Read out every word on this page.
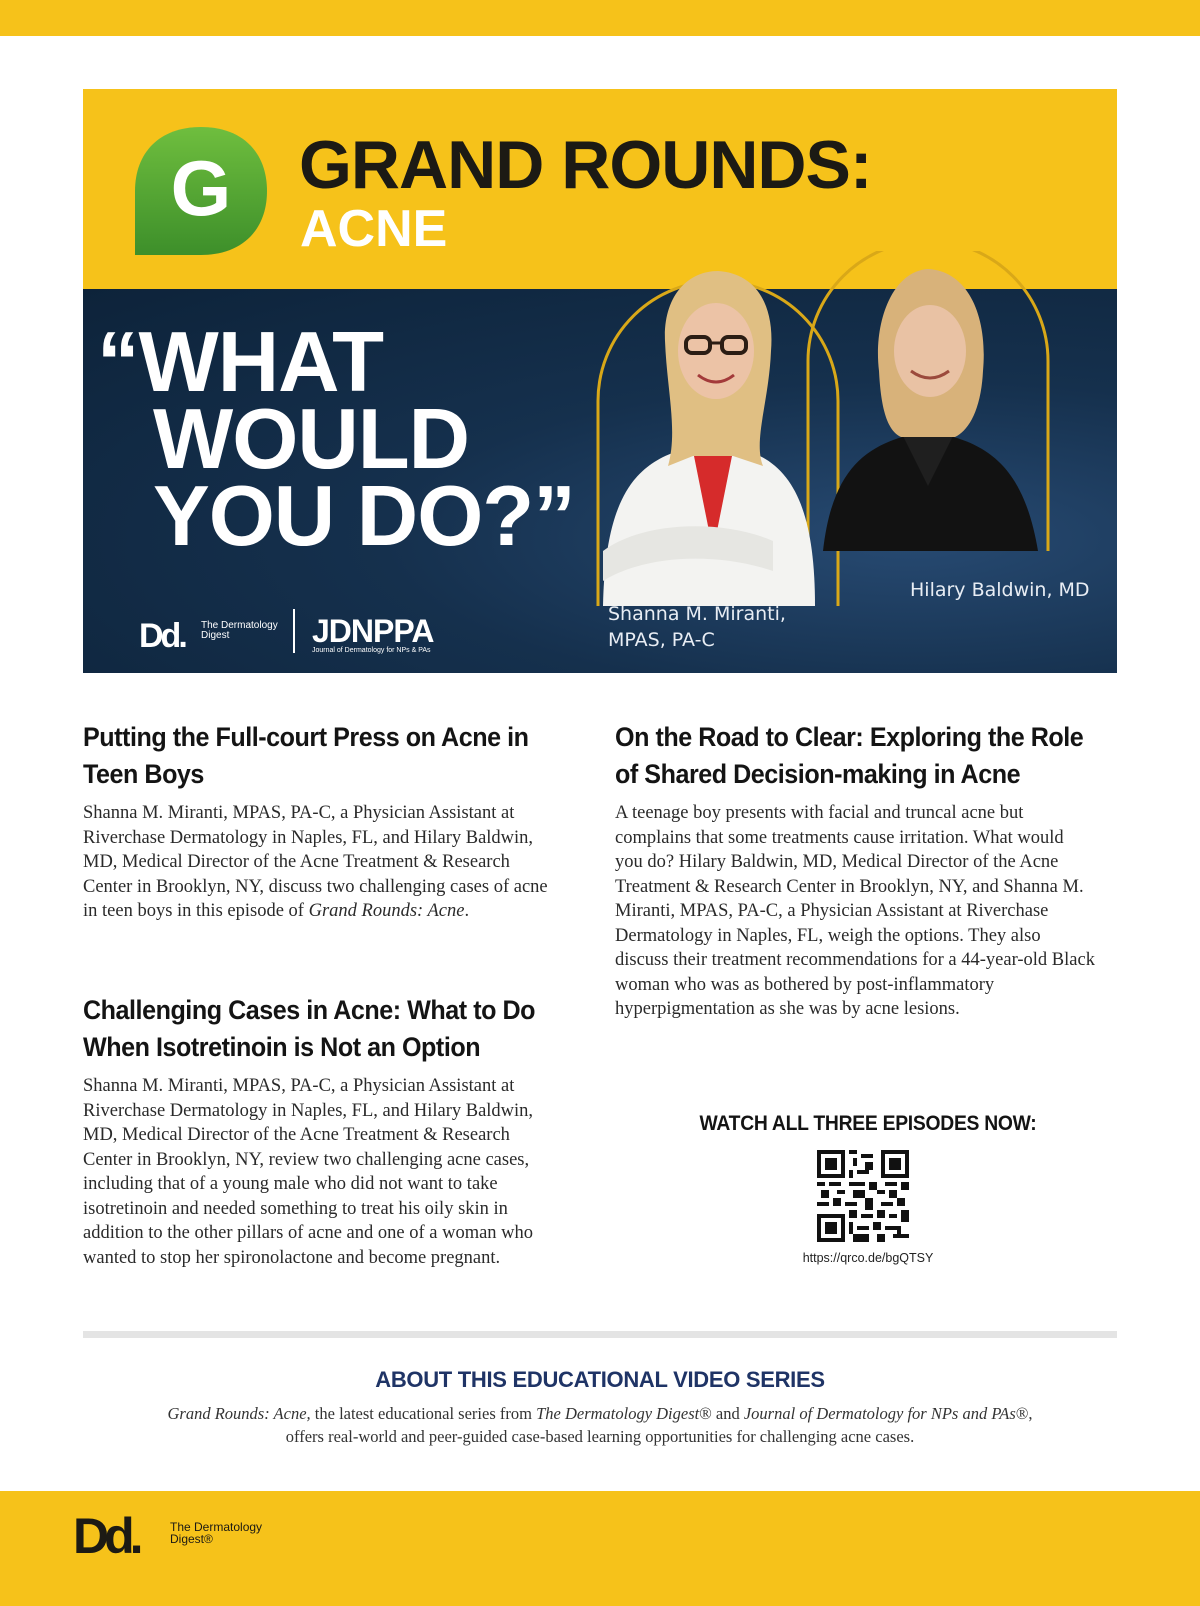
G GRAND ROUNDS:
ACNE
“WHAT
WOULD
YOU DO?”
Dd. The Dermatology Digest	JDNPPA
Journal of Dermatology for NPs & PAs
Shanna M. Miranti, MPAS, PA-C
Hilary Baldwin, MD
Putting the Full-court Press on Acne in Teen Boys

Shanna M. Miranti, MPAS, PA-C, a Physician Assistant at Riverchase Dermatology in Naples, FL, and Hilary Baldwin, MD, Medical Director of the Acne Treatment & Research Center in Brooklyn, NY, discuss two challenging cases of acne in teen boys in this episode of Grand Rounds: Acne.

Challenging Cases in Acne: What to Do When Isotretinoin is Not an Option

Shanna M. Miranti, MPAS, PA-C, a Physician Assistant at Riverchase Dermatology in Naples, FL, and Hilary Baldwin, MD, Medical Director of the Acne Treatment & Research Center in Brooklyn, NY, review two challenging acne cases, including that of a young male who did not want to take isotretinoin and needed something to treat his oily skin in addition to the other pillars of acne and one of a woman who wanted to stop her spironolactone and become pregnant.

On the Road to Clear: Exploring the Role of Shared Decision-making in Acne

A teenage boy presents with facial and truncal acne but complains that some treatments cause irritation. What would you do? Hilary Baldwin, MD, Medical Director of the Acne Treatment & Research Center in Brooklyn, NY, and Shanna M. Miranti, MPAS, PA-C, a Physician Assistant at Riverchase Dermatology in Naples, FL, weigh the options. They also discuss their treatment recommendations for a 44-year-old Black woman who was as bothered by post-inflammatory hyperpigmentation as she was by acne lesions.

WATCH ALL THREE EPISODES NOW:
https://qrco.de/bgQTSY
ABOUT THIS EDUCATIONAL VIDEO SERIES
Grand Rounds: Acne, the latest educational series from The Dermatology Digest® and Journal of Dermatology for NPs and PAs®,
offers real-world and peer-guided case-based learning opportunities for challenging acne cases.
Dd.	The Dermatology Digest®
